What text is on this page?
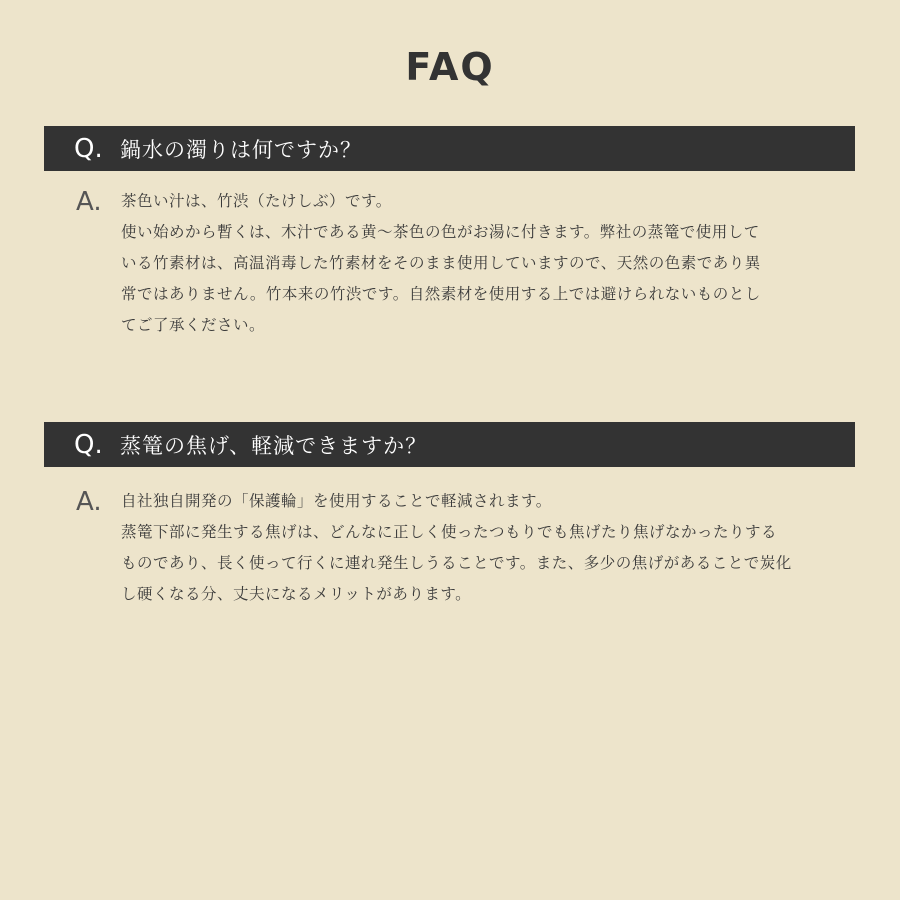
FAQ
Q. 鍋水の濁りは何ですか？
A. 茶色い汁は、竹渋（たけしぶ）です。
使い始めから暫くは、木汁である黄〜茶色の色がお湯に付きます。弊社の蒸篭で使用して
いる竹素材は、高温消毒した竹素材をそのまま使用していますので、天然の色素であり異
常ではありません。竹本来の竹渋です。自然素材を使用する上では避けられないものとし
てご了承ください。
Q. 蒸篭の焦げ、軽減できますか？
A. 自社独自開発の「保護輪」を使用することで軽減されます。
蒸篭下部に発生する焦げは、どんなに正しく使ったつもりでも焦げたり焦げなかったりする
ものであり、長く使って行くに連れ発生しうることです。また、多少の焦げがあることで炭化
し硬くなる分、丈夫になるメリットがあります。
